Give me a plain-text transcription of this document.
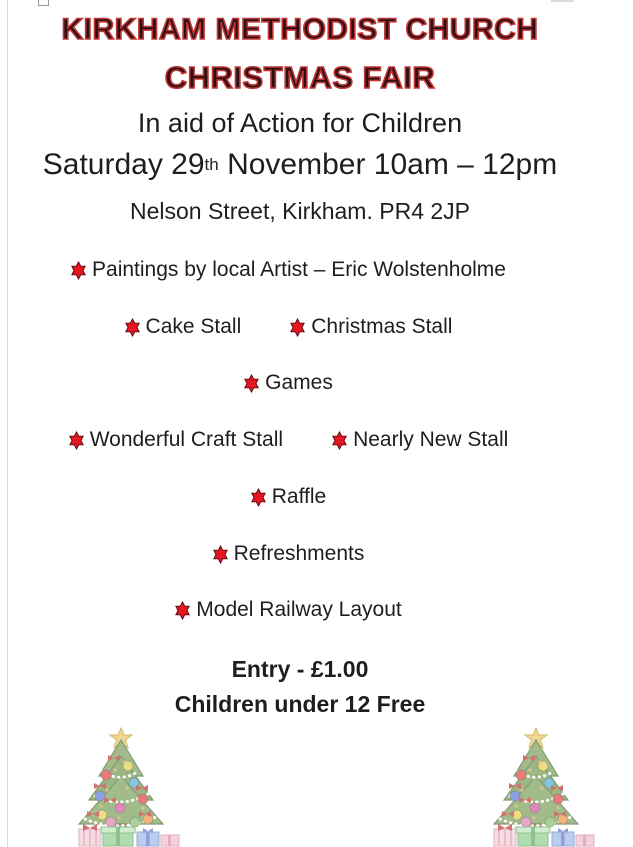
KIRKHAM METHODIST CHURCH
CHRISTMAS FAIR
In aid of Action for Children
Saturday 29 th November 10am – 12pm
Nelson Street, Kirkham. PR4 2JP
Paintings by local Artist – Eric Wolstenholme
Cake Stall	Christmas Stall
Games
Wonderful Craft Stall	Nearly New Stall
Raffle
Refreshments
Model Railway Layout
Entry - £1.00
Children under 12 Free
